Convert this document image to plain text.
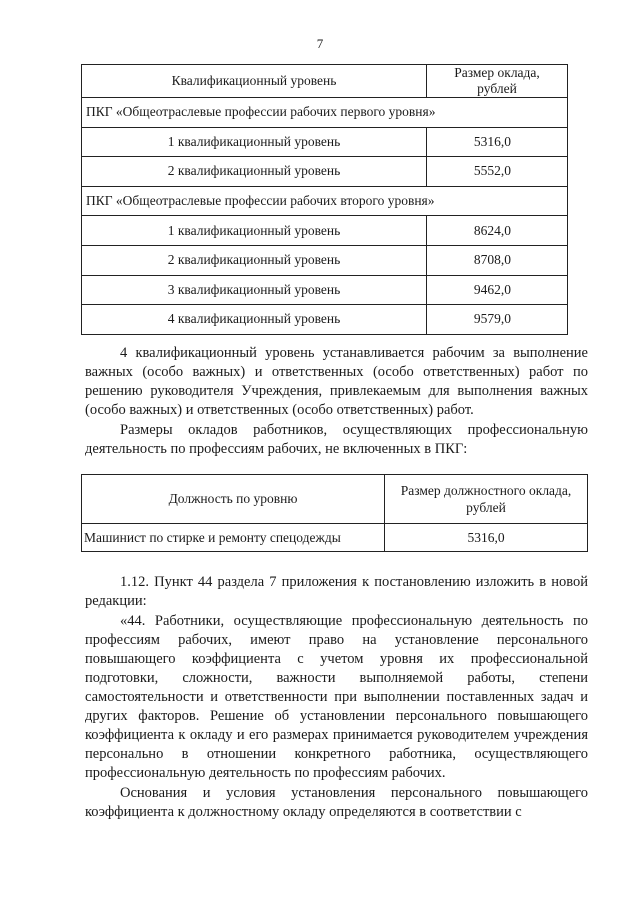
7
Квалификационный уровень	Размер оклада, рублей
ПКГ «Общеотраслевые профессии рабочих первого уровня»	
1 квалификационный уровень	5316,0
2 квалификационный уровень	5552,0
ПКГ «Общеотраслевые профессии рабочих второго уровня»	
1 квалификационный уровень	8624,0
2 квалификационный уровень	8708,0
3 квалификационный уровень	9462,0
4 квалификационный уровень	9579,0

4 квалификационный уровень устанавливается рабочим за выполнение важных (особо важных) и ответственных (особо ответственных) работ по решению руководителя Учреждения, привлекаемым для выполнения важных (особо важных) и ответственных (особо ответственных) работ.

Размеры окладов работников, осуществляющих профессиональную деятельность по профессиям рабочих, не включенных в ПКГ:

Должность по уровню	Размер должностного оклада, рублей
Машинист по стирке и ремонту спецодежды	5316,0

1.12. Пункт 44 раздела 7 приложения к постановлению изложить в новой редакции:

«44. Работники, осуществляющие профессиональную деятельность по профессиям рабочих, имеют право на установление персонального повышающего коэффициента с учетом уровня их профессиональной подготовки, сложности, важности выполняемой работы, степени самостоятельности и ответственности при выполнении поставленных задач и других факторов. Решение об установлении персонального повышающего коэффициента к окладу и его размерах принимается руководителем учреждения персонально в отношении конкретного работника, осуществляющего профессиональную деятельность по профессиям рабочих.

Основания и условия установления персонального повышающего коэффициента к должностному окладу определяются в соответствии с
